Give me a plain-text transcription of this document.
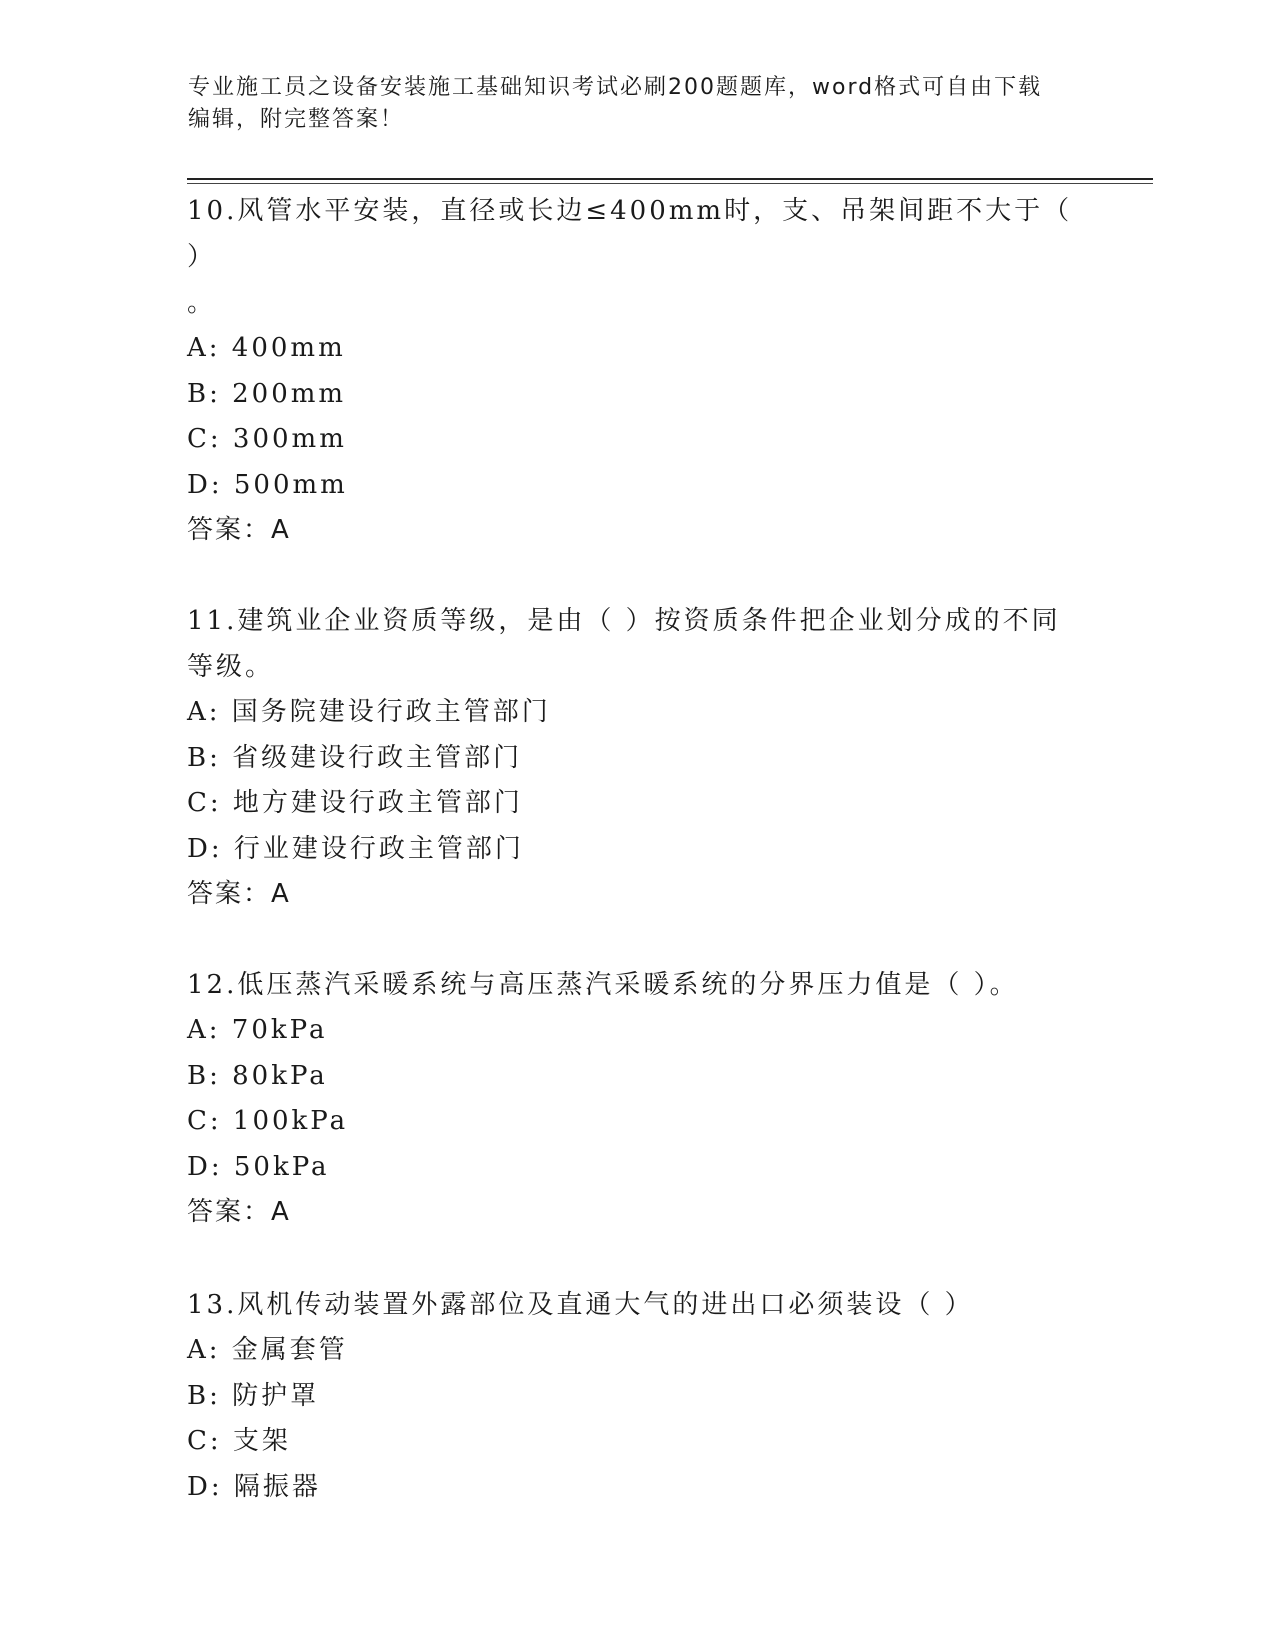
专业施工员之设备安装施工基础知识考试必刷200题题库，word格式可自由下载
编辑，附完整答案！

10.风管水平安装，直径或长边≤400mm时，支、吊架间距不大于（ ）

。

A: 400mm

B: 200mm

C: 300mm

D: 500mm

答案：A

11.建筑业企业资质等级，是由（ ）按资质条件把企业划分成的不同

等级。

A: 国务院建设行政主管部门

B: 省级建设行政主管部门

C: 地方建设行政主管部门

D: 行业建设行政主管部门

答案：A

12.低压蒸汽采暖系统与高压蒸汽采暖系统的分界压力值是（ ）。

A: 70kPa

B: 80kPa

C: 100kPa

D: 50kPa

答案：A

13.风机传动装置外露部位及直通大气的进出口必须装设（ ）

A: 金属套管

B: 防护罩

C: 支架

D: 隔振器
